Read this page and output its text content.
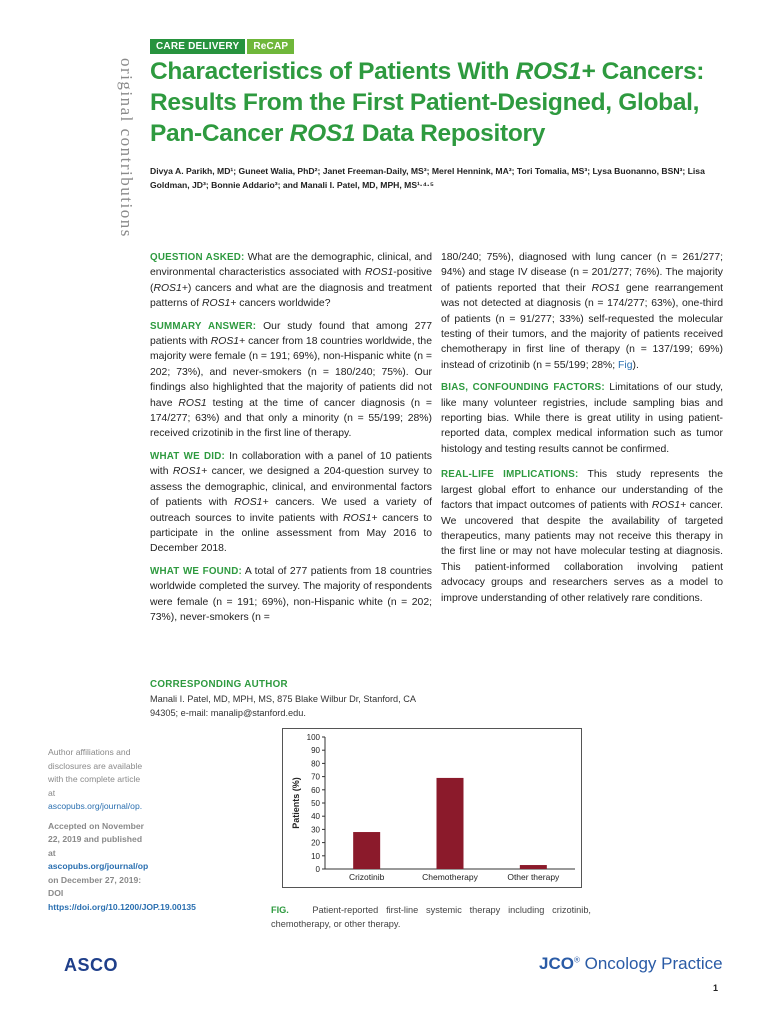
CARE DELIVERY	ReCAP
original contributions Characteristics of Patients With ROS1+ Cancers: Results From the First Patient-Designed, Global, Pan-Cancer ROS1 Data Repository
Divya A. Parikh, MD¹; Guneet Walia, PhD²; Janet Freeman-Daily, MS³; Merel Hennink, MA³; Tori Tomalia, MS³; Lysa Buonanno, BSN³; Lisa Goldman, JD³; Bonnie Addario³; and Manali I. Patel, MD, MPH, MS¹·⁴·⁵

QUESTION ASKED: What are the demographic, clinical, and environmental characteristics associated with ROS1-positive (ROS1+) cancers and what are the diagnosis and treatment patterns of ROS1+ cancers worldwide?

SUMMARY ANSWER: Our study found that among 277 patients with ROS1+ cancer from 18 countries worldwide, the majority were female (n = 191; 69%), non-Hispanic white (n = 202; 73%), and never-smokers (n = 180/240; 75%). Our findings also highlighted that the majority of patients did not have ROS1 testing at the time of cancer diagnosis (n = 174/277; 63%) and that only a minority (n = 55/199; 28%) received crizotinib in the first line of therapy.

WHAT WE DID: In collaboration with a panel of 10 patients with ROS1+ cancer, we designed a 204-question survey to assess the demographic, clinical, and environmental factors of patients with ROS1+ cancers. We used a variety of outreach sources to invite patients with ROS1+ cancers to participate in the online assessment from May 2016 to December 2018.

WHAT WE FOUND: A total of 277 patients from 18 countries worldwide completed the survey. The majority of respondents were female (n = 191; 69%), non-Hispanic white (n = 202; 73%), never-smokers (n =

180/240; 75%), diagnosed with lung cancer (n = 261/277; 94%) and stage IV disease (n = 201/277; 76%). The majority of patients reported that their ROS1 gene rearrangement was not detected at diagnosis (n = 174/277; 63%), one-third of patients (n = 91/277; 33%) self-requested the molecular testing of their tumors, and the majority of patients received chemotherapy in first line of therapy (n = 137/199; 69%) instead of crizotinib (n = 55/199; 28%; Fig).

BIAS, CONFOUNDING FACTORS: Limitations of our study, like many volunteer registries, include sampling bias and reporting bias. While there is great utility in using patient-reported data, complex medical information such as tumor histology and testing results cannot be confirmed.

REAL-LIFE IMPLICATIONS: This study represents the largest global effort to enhance our understanding of the factors that impact outcomes of patients with ROS1+ cancer. We uncovered that despite the availability of targeted therapeutics, many patients may not receive this therapy in the first line or may not have molecular testing at diagnosis. This patient-informed collaboration involving patient advocacy groups and researchers serves as a model to improve understanding of other relatively rare conditions.

CORRESPONDING AUTHOR
Manali I. Patel, MD, MPH, MS, 875 Blake Wilbur Dr, Stanford, CA 94305; e-mail: manalip@stanford.edu.
Author affiliations and disclosures are available with the complete article at ascopubs.org/journal/op.
Accepted on November 22, 2019 and published at ascopubs.org/journal/op on December 27, 2019: DOI https://doi.org/10.1200/JOP.19.00135
0
10
20
30
40
50
60
70
80
90
100
Patients (%)
Crizotinib	Chemotherapy	Other therapy
FIG.	Patient-reported first-line systemic therapy including crizotinib, chemotherapy, or other therapy.
ASCO	JCO® Oncology Practice
1
